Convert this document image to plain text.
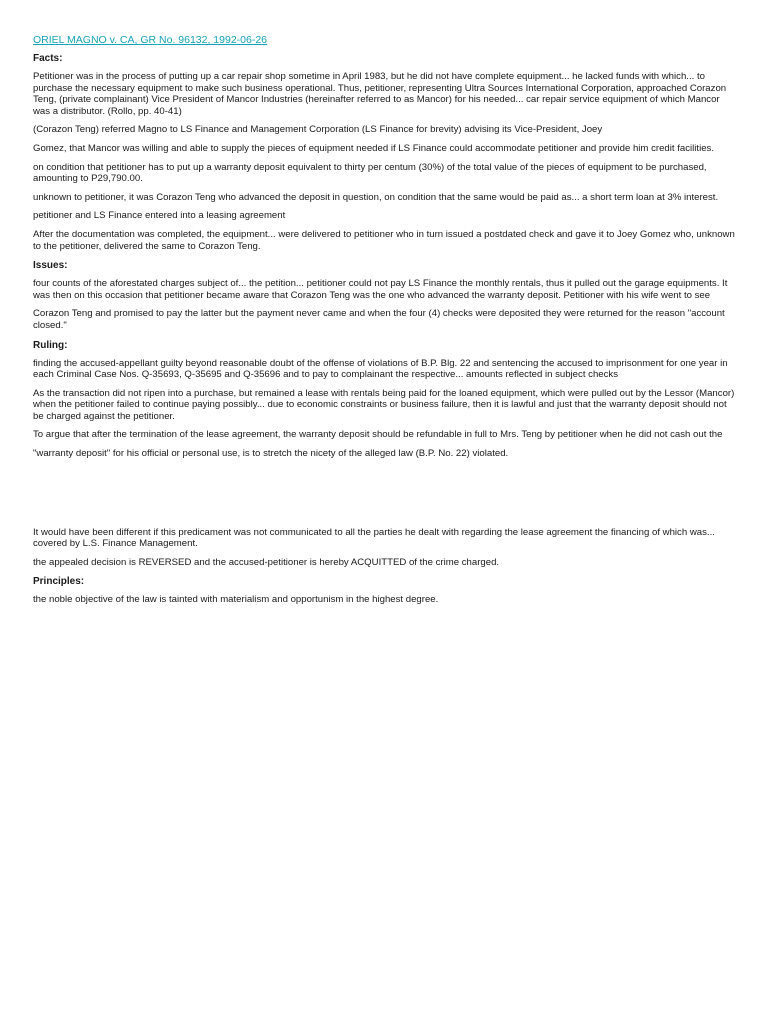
ORIEL MAGNO v. CA, GR No. 96132, 1992-06-26
Facts:

Petitioner was in the process of putting up a car repair shop sometime in April 1983, but he did not have complete equipment... he lacked funds with which... to purchase the necessary equipment to make such business operational. Thus, petitioner, representing Ultra Sources International Corporation, approached Corazon Teng, (private complainant) Vice President of Mancor Industries (hereinafter referred to as Mancor) for his needed... car repair service equipment of which Mancor was a distributor. (Rollo, pp. 40-41)

(Corazon Teng) referred Magno to LS Finance and Management Corporation (LS Finance for brevity) advising its Vice-President, Joey

Gomez, that Mancor was willing and able to supply the pieces of equipment needed if LS Finance could accommodate petitioner and provide him credit facilities.

on condition that petitioner has to put up a warranty deposit equivalent to thirty per centum (30%) of the total value of the pieces of equipment to be purchased, amounting to P29,790.00.

unknown to petitioner, it was Corazon Teng who advanced the deposit in question, on condition that the same would be paid as... a short term loan at 3% interest.

petitioner and LS Finance entered into a leasing agreement

After the documentation was completed, the equipment... were delivered to petitioner who in turn issued a postdated check and gave it to Joey Gomez who, unknown to the petitioner, delivered the same to Corazon Teng.

Issues:

four counts of the aforestated charges subject of... the petition... petitioner could not pay LS Finance the monthly rentals, thus it pulled out the garage equipments. It was then on this occasion that petitioner became aware that Corazon Teng was the one who advanced the warranty deposit. Petitioner with his wife went to see

Corazon Teng and promised to pay the latter but the payment never came and when the four (4) checks were deposited they were returned for the reason "account closed."

Ruling:

finding the accused-appellant guilty beyond reasonable doubt of the offense of violations of B.P. Blg. 22 and sentencing the accused to imprisonment for one year in each Criminal Case Nos. Q-35693, Q-35695 and Q-35696 and to pay to complainant the respective... amounts reflected in subject checks

As the transaction did not ripen into a purchase, but remained a lease with rentals being paid for the loaned equipment, which were pulled out by the Lessor (Mancor) when the petitioner failed to continue paying possibly... due to economic constraints or business failure, then it is lawful and just that the warranty deposit should not be charged against the petitioner.

To argue that after the termination of the lease agreement, the warranty deposit should be refundable in full to Mrs. Teng by petitioner when he did not cash out the

"warranty deposit" for his official or personal use, is to stretch the nicety of the alleged law (B.P. No. 22) violated.

It would have been different if this predicament was not communicated to all the parties he dealt with regarding the lease agreement the financing of which was... covered by L.S. Finance Management.

the appealed decision is REVERSED and the accused-petitioner is hereby ACQUITTED of the crime charged.

Principles:

the noble objective of the law is tainted with materialism and opportunism in the highest degree.
